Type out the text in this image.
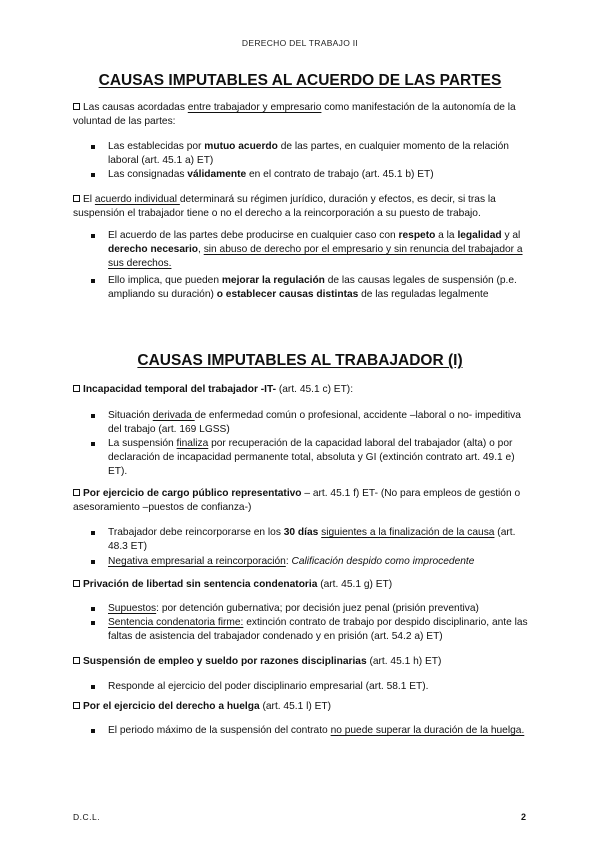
DERECHO DEL TRABAJO II
CAUSAS IMPUTABLES AL ACUERDO DE LAS PARTES
Las causas acordadas entre trabajador y empresario como manifestación de la autonomía de la voluntad de las partes:
Las establecidas por mutuo acuerdo de las partes, en cualquier momento de la relación laboral (art. 45.1 a) ET)
Las consignadas válidamente en el contrato de trabajo (art. 45.1 b) ET)
El acuerdo individual determinará su régimen jurídico, duración y efectos, es decir, si tras la suspensión el trabajador tiene o no el derecho a la reincorporación a su puesto de trabajo.
El acuerdo de las partes debe producirse en cualquier caso con respeto a la legalidad y al derecho necesario, sin abuso de derecho por el empresario y sin renuncia del trabajador a sus derechos.
Ello implica, que pueden mejorar la regulación de las causas legales de suspensión (p.e. ampliando su duración) o establecer causas distintas de las reguladas legalmente
CAUSAS IMPUTABLES AL TRABAJADOR (I)
Incapacidad temporal del trabajador -IT- (art. 45.1 c) ET):
Situación derivada de enfermedad común o profesional, accidente –laboral o no- impeditiva del trabajo (art. 169 LGSS)
La suspensión finaliza por recuperación de la capacidad laboral del trabajador (alta) o por declaración de incapacidad permanente total, absoluta y GI (extinción contrato art. 49.1 e) ET).
Por ejercicio de cargo público representativo – art. 45.1 f) ET- (No para empleos de gestión o asesoramiento –puestos de confianza-)
Trabajador debe reincorporarse en los 30 días siguientes a la finalización de la causa (art. 48.3 ET)
Negativa empresarial a reincorporación: Calificación despido como improcedente
Privación de libertad sin sentencia condenatoria (art. 45.1 g) ET)
Supuestos: por detención gubernativa; por decisión juez penal (prisión preventiva)
Sentencia condenatoria firme: extinción contrato de trabajo por despido disciplinario, ante las faltas de asistencia del trabajador condenado y en prisión (art. 54.2 a) ET)
Suspensión de empleo y sueldo por razones disciplinarias (art. 45.1 h) ET)
Responde al ejercicio del poder disciplinario empresarial (art. 58.1 ET).
Por el ejercicio del derecho a huelga (art. 45.1 l) ET)
El periodo máximo de la suspensión del contrato no puede superar la duración de la huelga.
D.C.L.	2
